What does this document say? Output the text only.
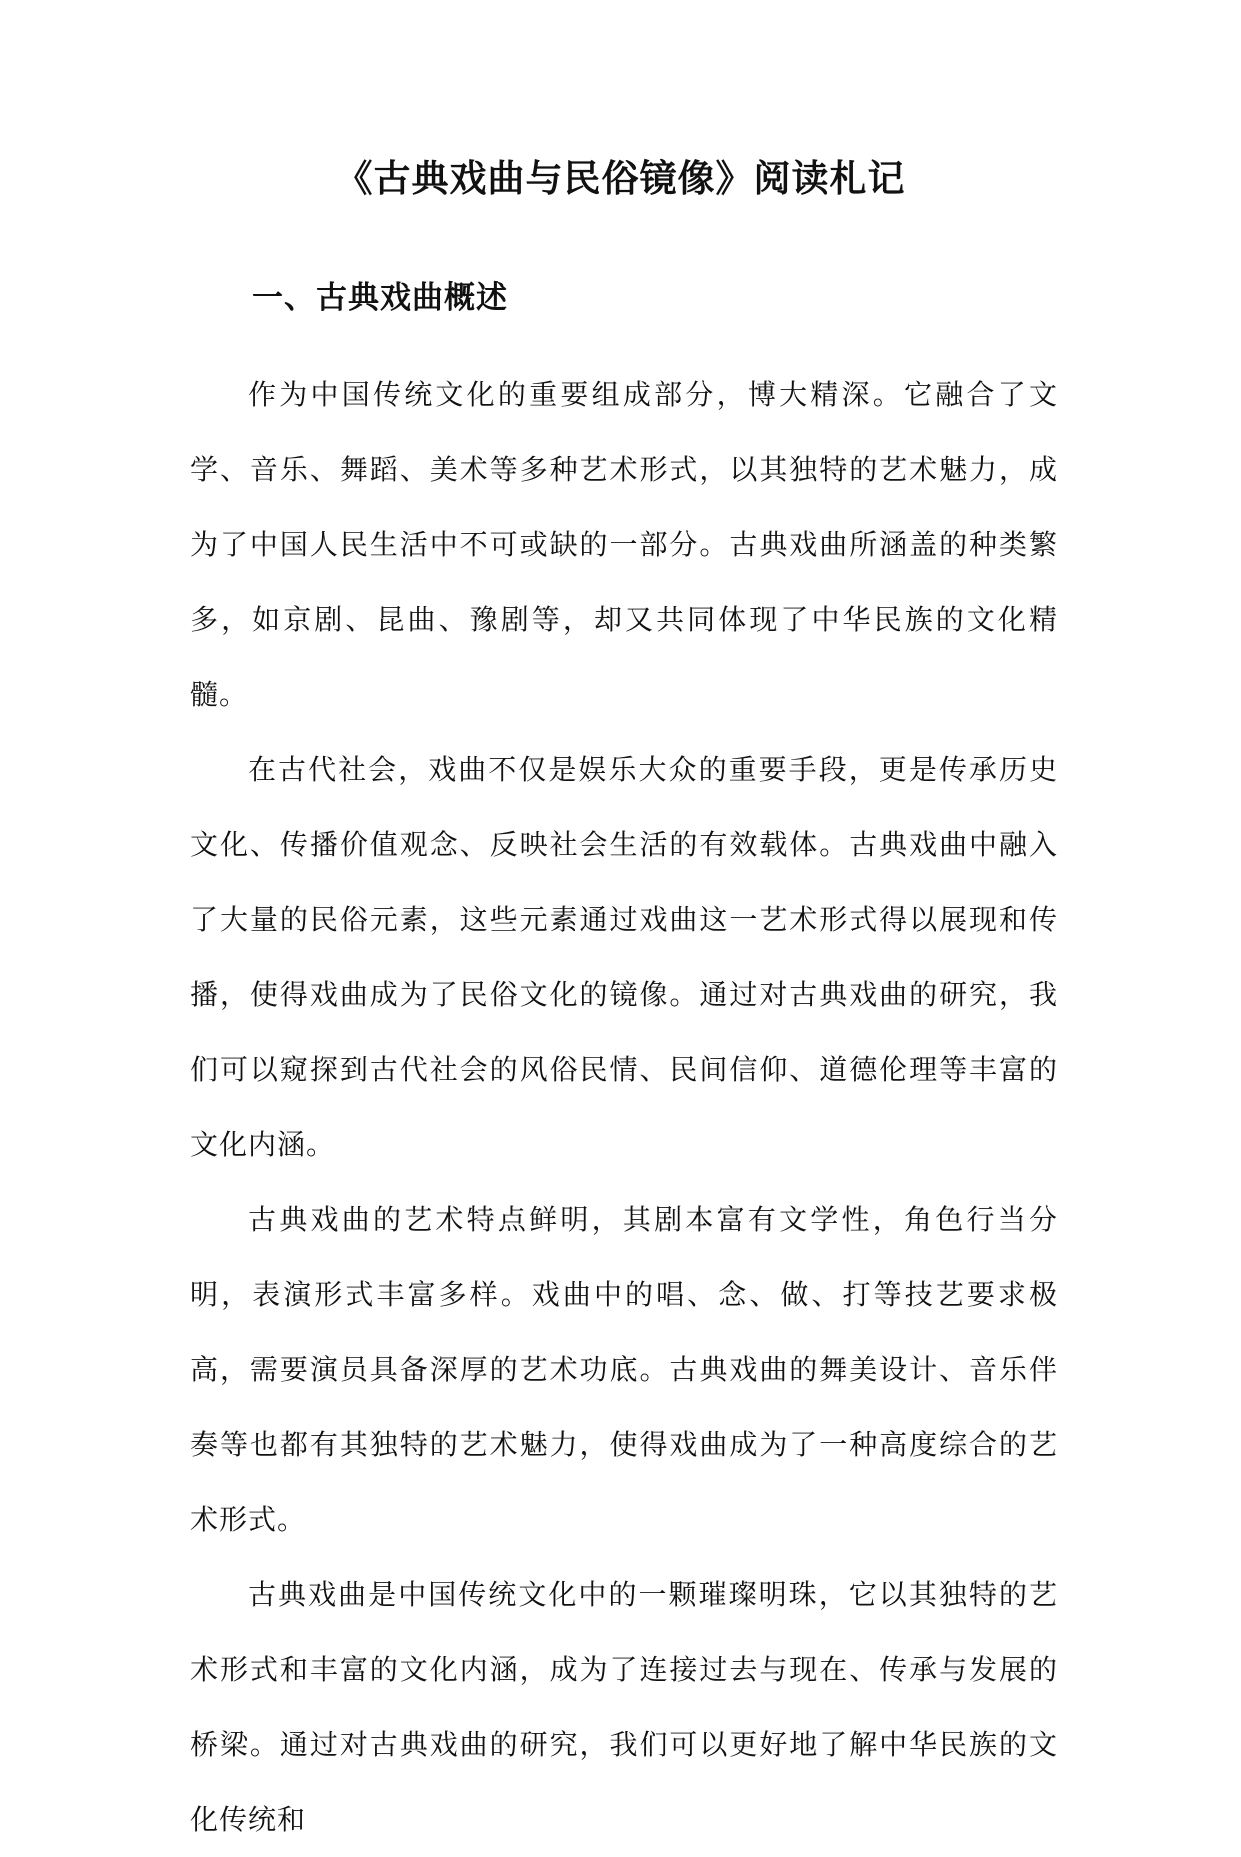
《古典戏曲与民俗镜像》阅读札记
一、古典戏曲概述

作为中国传统文化的重要组成部分，博大精深。它融合了文学、音乐、舞蹈、美术等多种艺术形式，以其独特的艺术魅力，成为了中国人民生活中不可或缺的一部分。古典戏曲所涵盖的种类繁多，如京剧、昆曲、豫剧等，却又共同体现了中华民族的文化精髓。

在古代社会，戏曲不仅是娱乐大众的重要手段，更是传承历史文化、传播价值观念、反映社会生活的有效载体。古典戏曲中融入了大量的民俗元素，这些元素通过戏曲这一艺术形式得以展现和传播，使得戏曲成为了民俗文化的镜像。通过对古典戏曲的研究，我们可以窥探到古代社会的风俗民情、民间信仰、道德伦理等丰富的文化内涵。

古典戏曲的艺术特点鲜明，其剧本富有文学性，角色行当分明，表演形式丰富多样。戏曲中的唱、念、做、打等技艺要求极高，需要演员具备深厚的艺术功底。古典戏曲的舞美设计、音乐伴奏等也都有其独特的艺术魅力，使得戏曲成为了一种高度综合的艺术形式。

古典戏曲是中国传统文化中的一颗璀璨明珠，它以其独特的艺术形式和丰富的文化内涵，成为了连接过去与现在、传承与发展的桥梁。通过对古典戏曲的研究，我们可以更好地了解中华民族的文化传统和
